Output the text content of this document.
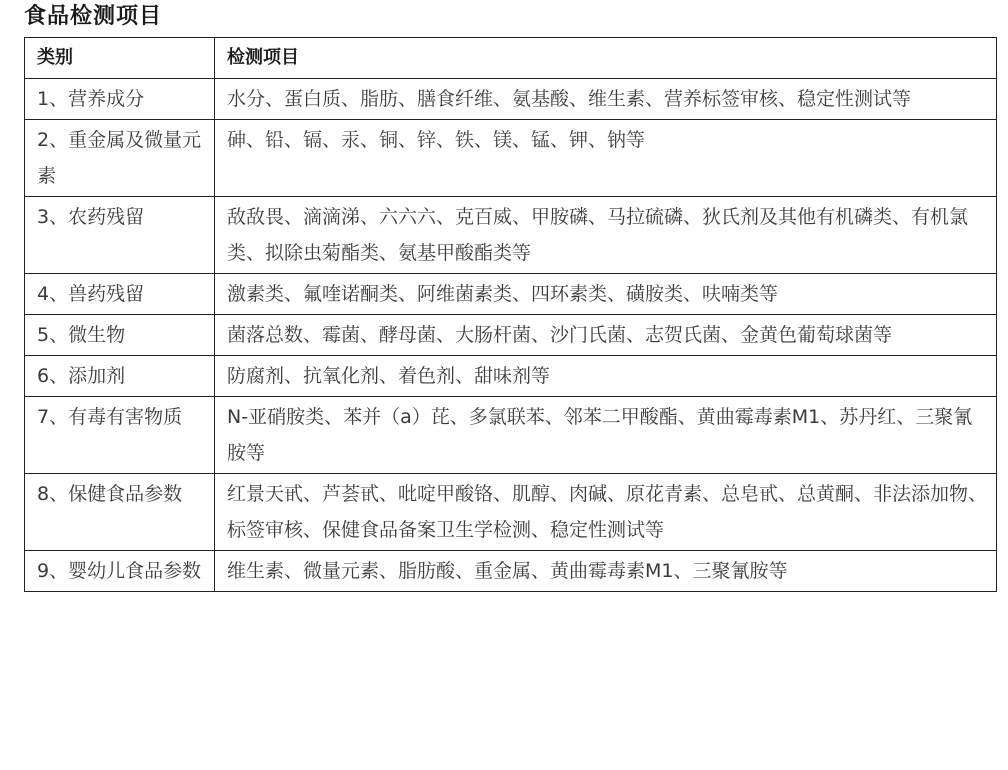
食品检测项目
类别	检测项目
1、营养成分	水分、蛋白质、脂肪、膳食纤维、氨基酸、维生素、营养标签审核、稳定性测试等
2、重金属及微量元素	砷、铅、镉、汞、铜、锌、铁、镁、锰、钾、钠等
3、农药残留	敌敌畏、滴滴涕、六六六、克百威、甲胺磷、马拉硫磷、狄氏剂及其他有机磷类、有机氯类、拟除虫菊酯类、氨基甲酸酯类等
4、兽药残留	激素类、氟喹诺酮类、阿维菌素类、四环素类、磺胺类、呋喃类等
5、微生物	菌落总数、霉菌、酵母菌、大肠杆菌、沙门氏菌、志贺氏菌、金黄色葡萄球菌等
6、添加剂	防腐剂、抗氧化剂、着色剂、甜味剂等
7、有毒有害物质	N-亚硝胺类、苯并（a）芘、多氯联苯、邻苯二甲酸酯、黄曲霉毒素M1、苏丹红、三聚氰胺等
8、保健食品参数	红景天甙、芦荟甙、吡啶甲酸铬、肌醇、肉碱、原花青素、总皂甙、总黄酮、非法添加物、标签审核、保健食品备案卫生学检测、稳定性测试等
9、婴幼儿食品参数	维生素、微量元素、脂肪酸、重金属、黄曲霉毒素M1、三聚氰胺等
